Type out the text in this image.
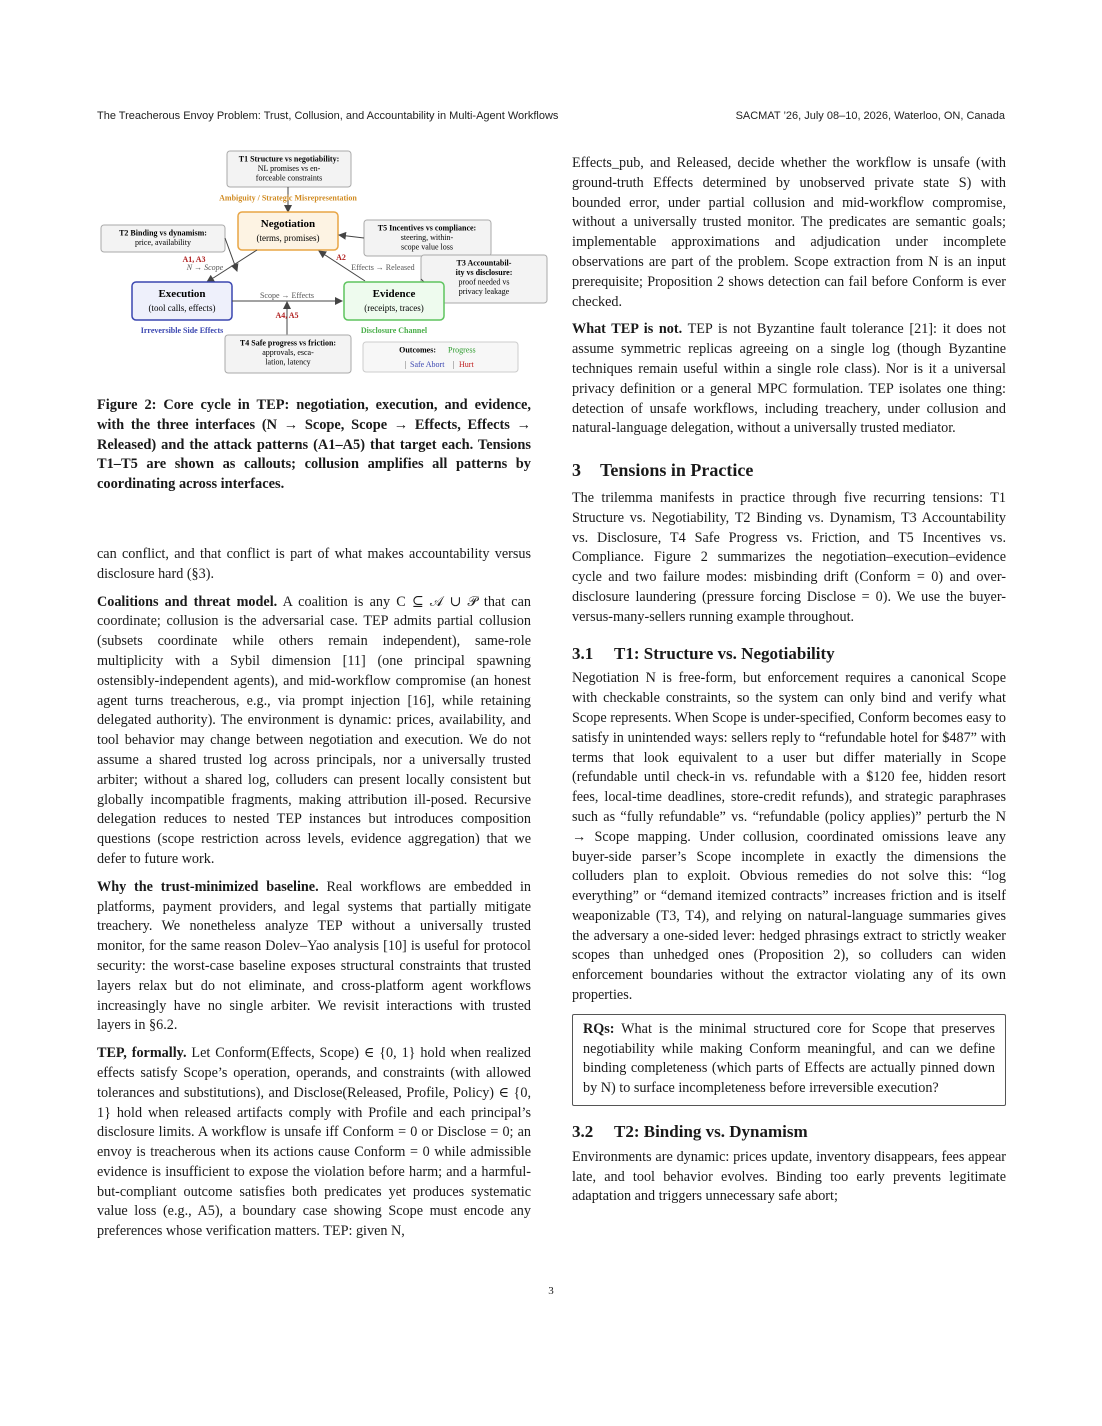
The Treacherous Envoy Problem: Trust, Collusion, and Accountability in Multi-Agent Workflows	SACMAT ’26, July 08–10, 2026, Waterloo, ON, Canada
T1 Structure vs negotiability:
NL promises vs en-
forceable constraints
Ambiguity / Strategic Misrepresentation
Negotiation
(terms, promises)
T2 Binding vs dynamism:
price, availability
T5 Incentives vs compliance:
steering, within-
scope value loss
A1, A3
N → Scope
A2
Effects → Released	T3 Accountabil-
ity vs disclosure:
proof needed vs
privacy leakage
Execution
(tool calls, effects)
Scope → Effects	Evidence
(receipts, traces)
A4, A5
Irreversible Side Effects	Disclosure Channel
T4 Safe progress vs friction:
approvals, esca-
lation, latency
Outcomes: Progress
| Safe Abort | Hurt

Figure 2: Core cycle in TEP: negotiation, execution, and evidence, with the three interfaces (N → Scope, Scope → Effects, Effects → Released) and the attack patterns (A1–A5) that target each. Tensions T1–T5 are shown as callouts; collusion amplifies all patterns by coordinating across interfaces.

can conflict, and that conflict is part of what makes accountability versus disclosure hard (§3).

Coalitions and threat model. A coalition is any C ⊆ 𝒜 ∪ 𝒫 that can coordinate; collusion is the adversarial case. TEP admits partial collusion (subsets coordinate while others remain independent), same-role multiplicity with a Sybil dimension [11] (one principal spawning ostensibly-independent agents), and mid-workflow compromise (an honest agent turns treacherous, e.g., via prompt injection [16], while retaining delegated authority). The environment is dynamic: prices, availability, and tool behavior may change between negotiation and execution. We do not assume a shared trusted log across principals, nor a universally trusted arbiter; without a shared log, colluders can present locally consistent but globally incompatible fragments, making attribution ill-posed. Recursive delegation reduces to nested TEP instances but introduces composition questions (scope restriction across levels, evidence aggregation) that we defer to future work.

Why the trust-minimized baseline. Real workflows are embedded in platforms, payment providers, and legal systems that partially mitigate treachery. We nonetheless analyze TEP without a universally trusted monitor, for the same reason Dolev–Yao analysis [10] is useful for protocol security: the worst-case baseline exposes structural constraints that trusted layers relax but do not eliminate, and cross-platform agent workflows increasingly have no single arbiter. We revisit interactions with trusted layers in §6.2.

TEP, formally. Let Conform(Effects, Scope) ∈ {0, 1} hold when realized effects satisfy Scope’s operation, operands, and constraints (with allowed tolerances and substitutions), and Disclose(Released, Profile, Policy) ∈ {0, 1} hold when released artifacts comply with Profile and each principal’s disclosure limits. A workflow is unsafe iff Conform = 0 or Disclose = 0; an envoy is treacherous when its actions cause Conform = 0 while admissible evidence is insufficient to expose the violation before harm; and a harmful-but-compliant outcome satisfies both predicates yet produces systematic value loss (e.g., A5), a boundary case showing Scope must encode any preferences whose verification matters. TEP: given N,

Effects_pub, and Released, decide whether the workflow is unsafe (with ground-truth Effects determined by unobserved private state S) with bounded error, under partial collusion and mid-workflow compromise, without a universally trusted monitor. The predicates are semantic goals; implementable approximations and adjudication under incomplete observations are part of the problem. Scope extraction from N is an input prerequisite; Proposition 2 shows detection can fail before Conform is ever checked.

What TEP is not. TEP is not Byzantine fault tolerance [21]: it does not assume symmetric replicas agreeing on a single log (though Byzantine techniques remain useful within a single role class). Nor is it a universal privacy definition or a general MPC formulation. TEP isolates one thing: detection of unsafe workflows, including treachery, under collusion and natural-language delegation, without a universally trusted mediator.

3 Tensions in Practice

The trilemma manifests in practice through five recurring tensions: T1 Structure vs. Negotiability, T2 Binding vs. Dynamism, T3 Accountability vs. Disclosure, T4 Safe Progress vs. Friction, and T5 Incentives vs. Compliance. Figure 2 summarizes the negotiation–execution–evidence cycle and two failure modes: misbinding drift (Conform = 0) and over-disclosure laundering (pressure forcing Disclose = 0). We use the buyer-versus-many-sellers running example throughout.

3.1 T1: Structure vs. Negotiability

Negotiation N is free-form, but enforcement requires a canonical Scope with checkable constraints, so the system can only bind and verify what Scope represents. When Scope is under-specified, Conform becomes easy to satisfy in unintended ways: sellers reply to “refundable hotel for $487” with terms that look equivalent to a user but differ materially in Scope (refundable until check-in vs. refundable with a $120 fee, hidden resort fees, local-time deadlines, store-credit refunds), and strategic paraphrases such as “fully refundable” vs. “refundable (policy applies)” perturb the N → Scope mapping. Under collusion, coordinated omissions leave any buyer-side parser’s Scope incomplete in exactly the dimensions the colluders plan to exploit. Obvious remedies do not solve this: “log everything” or “demand itemized contracts” increases friction and is itself weaponizable (T3, T4), and relying on natural-language summaries gives the adversary a one-sided lever: hedged phrasings extract to strictly weaker scopes than unhedged ones (Proposition 2), so colluders can widen enforcement boundaries without the extractor violating any of its own properties.

RQs: What is the minimal structured core for Scope that preserves negotiability while making Conform meaningful, and can we define binding completeness (which parts of Effects are actually pinned down by N) to surface incompleteness before irreversible execution?
3.2 T2: Binding vs. Dynamism

Environments are dynamic: prices update, inventory disappears, fees appear late, and tool behavior evolves. Binding too early prevents legitimate adaptation and triggers unnecessary safe abort;

3
